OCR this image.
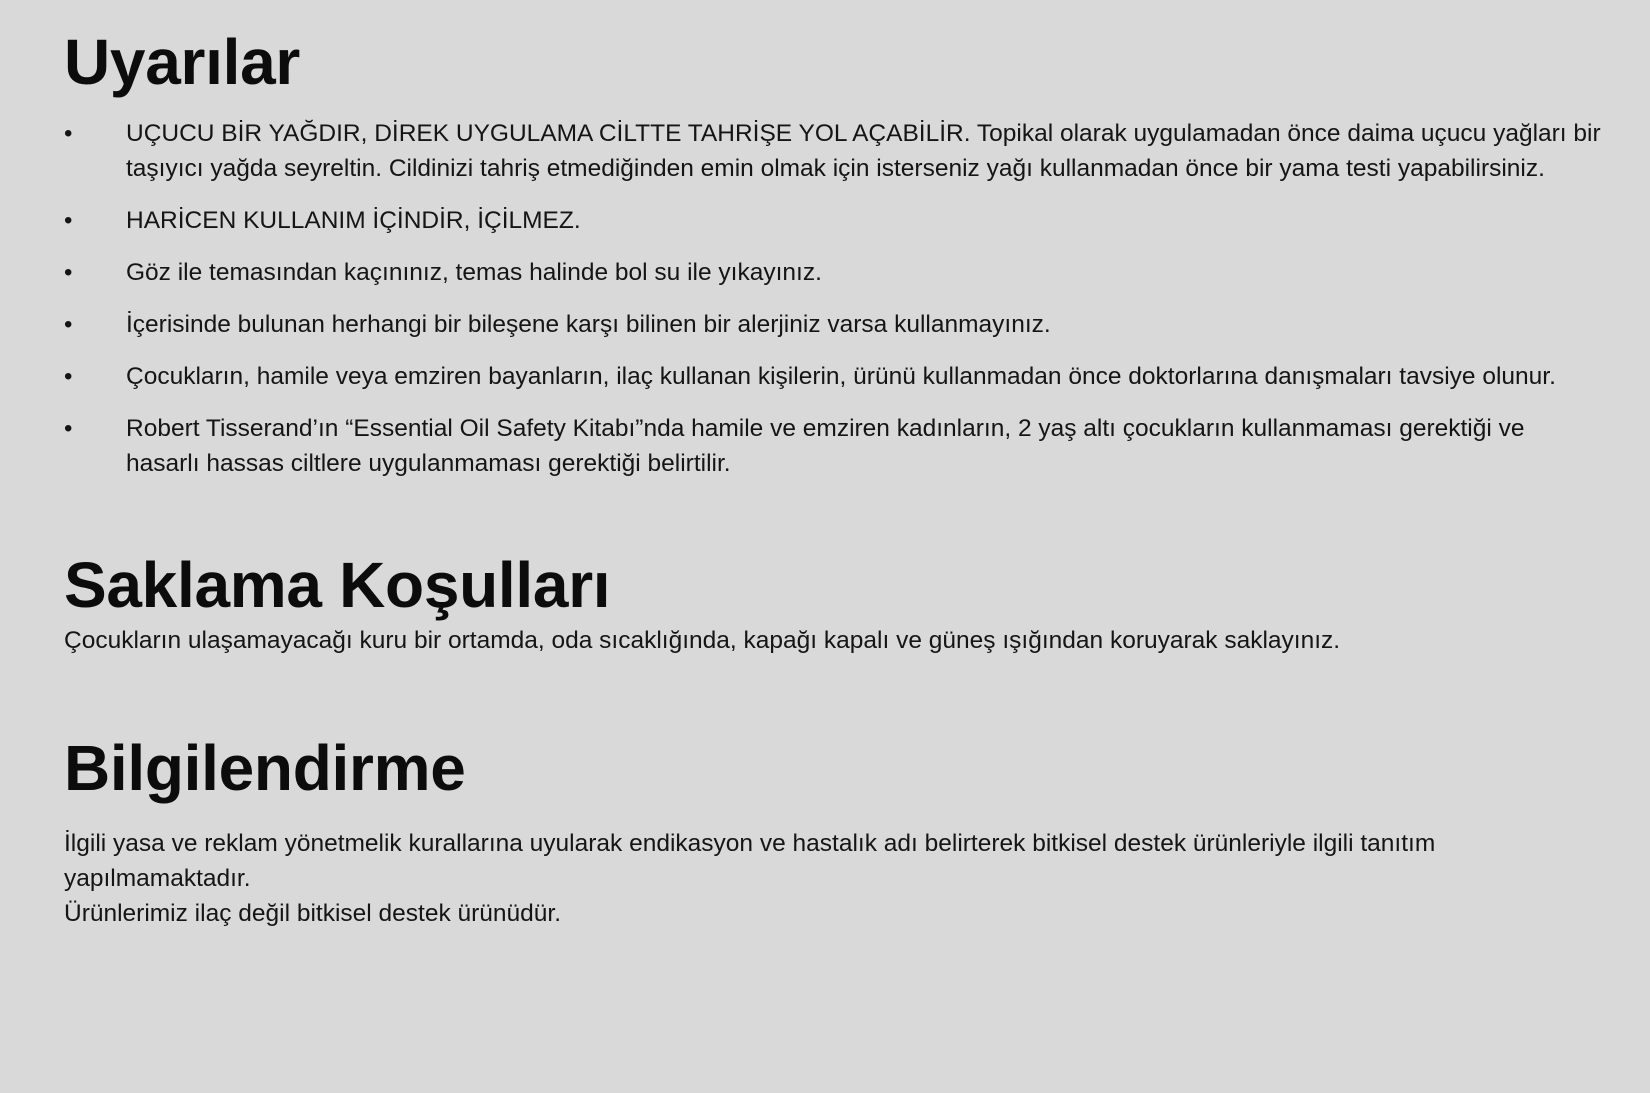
Uyarılar
•	UÇUCU BİR YAĞDIR, DİREK UYGULAMA CİLTTE TAHRİŞE YOL AÇABİLİR. Topikal olarak uygulamadan önce daima uçucu yağları bir taşıyıcı yağda seyreltin. Cildinizi tahriş etmediğinden emin olmak için isterseniz yağı kullanmadan önce bir yama testi yapabilirsiniz.
•	HARİCEN KULLANIM İÇİNDİR, İÇİLMEZ.
•	Göz ile temasından kaçınınız, temas halinde bol su ile yıkayınız.
•	İçerisinde bulunan herhangi bir bileşene karşı bilinen bir alerjiniz varsa kullanmayınız.
•	Çocukların, hamile veya emziren bayanların, ilaç kullanan kişilerin, ürünü kullanmadan önce doktorlarına danışmaları tavsiye olunur.
•	Robert Tisserand’ın “Essential Oil Safety Kitabı”nda hamile ve emziren kadınların, 2 yaş altı çocukların kullanmaması gerektiği ve hasarlı hassas ciltlere uygulanmaması gerektiği belirtilir.
Saklama Koşulları

Çocukların ulaşamayacağı kuru bir ortamda, oda sıcaklığında, kapağı kapalı ve güneş ışığından koruyarak saklayınız.

Bilgilendirme

İlgili yasa ve reklam yönetmelik kurallarına uyularak endikasyon ve hastalık adı belirterek bitkisel destek ürünleriyle ilgili tanıtım yapılmamaktadır.

Ürünlerimiz ilaç değil bitkisel destek ürünüdür.
